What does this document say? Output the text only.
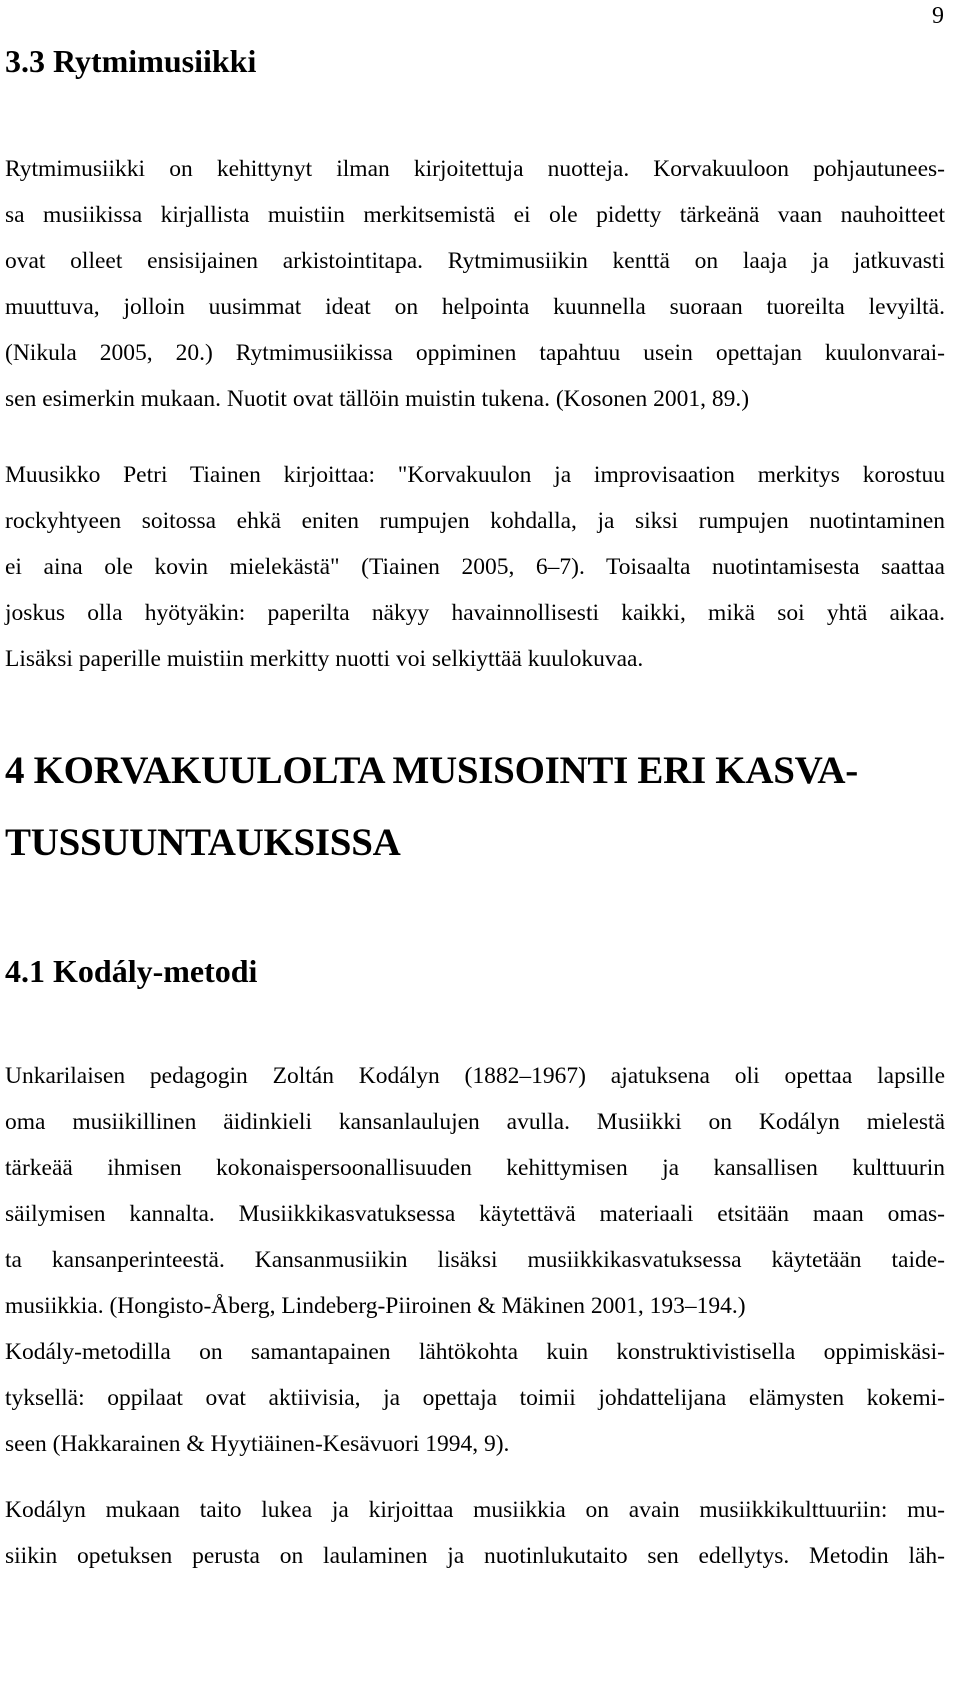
9
3.3 Rytmimusiikki
Rytmimusiikki on kehittynyt ilman kirjoitettuja nuotteja. Korvakuuloon pohjautunees-
sa musiikissa kirjallista muistiin merkitsemistä ei ole pidetty tärkeänä vaan nauhoitteet
ovat olleet ensisijainen arkistointitapa. Rytmimusiikin kenttä on laaja ja jatkuvasti
muuttuva, jolloin uusimmat ideat on helpointa kuunnella suoraan tuoreilta levyiltä.
(Nikula 2005, 20.) Rytmimusiikissa oppiminen tapahtuu usein opettajan kuulonvarai-
sen esimerkin mukaan. Nuotit ovat tällöin muistin tukena. (Kosonen 2001, 89.)
Muusikko Petri Tiainen kirjoittaa: "Korvakuulon ja improvisaation merkitys korostuu
rockyhtyeen soitossa ehkä eniten rumpujen kohdalla, ja siksi rumpujen nuotintaminen
ei aina ole kovin mielekästä" (Tiainen 2005, 6–7). Toisaalta nuotintamisesta saattaa
joskus olla hyötyäkin: paperilta näkyy havainnollisesti kaikki, mikä soi yhtä aikaa.
Lisäksi paperille muistiin merkitty nuotti voi selkiyttää kuulokuvaa.
4 KORVAKUULOLTA MUSISOINTI ERI KASVA-
TUSSUUNTAUKSISSA
4.1 Kodály-metodi
Unkarilaisen pedagogin Zoltán Kodályn (1882–1967) ajatuksena oli opettaa lapsille
oma musiikillinen äidinkieli kansanlaulujen avulla. Musiikki on Kodályn mielestä
tärkeää ihmisen kokonaispersoonallisuuden kehittymisen ja kansallisen kulttuurin
säilymisen kannalta. Musiikkikasvatuksessa käytettävä materiaali etsitään maan omas-
ta kansanperinteestä. Kansanmusiikin lisäksi musiikkikasvatuksessa käytetään taide-
musiikkia. (Hongisto-Åberg, Lindeberg-Piiroinen & Mäkinen 2001, 193–194.)
Kodály-metodilla on samantapainen lähtökohta kuin konstruktivistisella oppimiskäsi-
tyksellä: oppilaat ovat aktiivisia, ja opettaja toimii johdattelijana elämysten kokemi-
seen (Hakkarainen & Hyytiäinen-Kesävuori 1994, 9).
Kodályn mukaan taito lukea ja kirjoittaa musiikkia on avain musiikkikulttuuriin: mu-
siikin opetuksen perusta on laulaminen ja nuotinlukutaito sen edellytys. Metodin läh-
